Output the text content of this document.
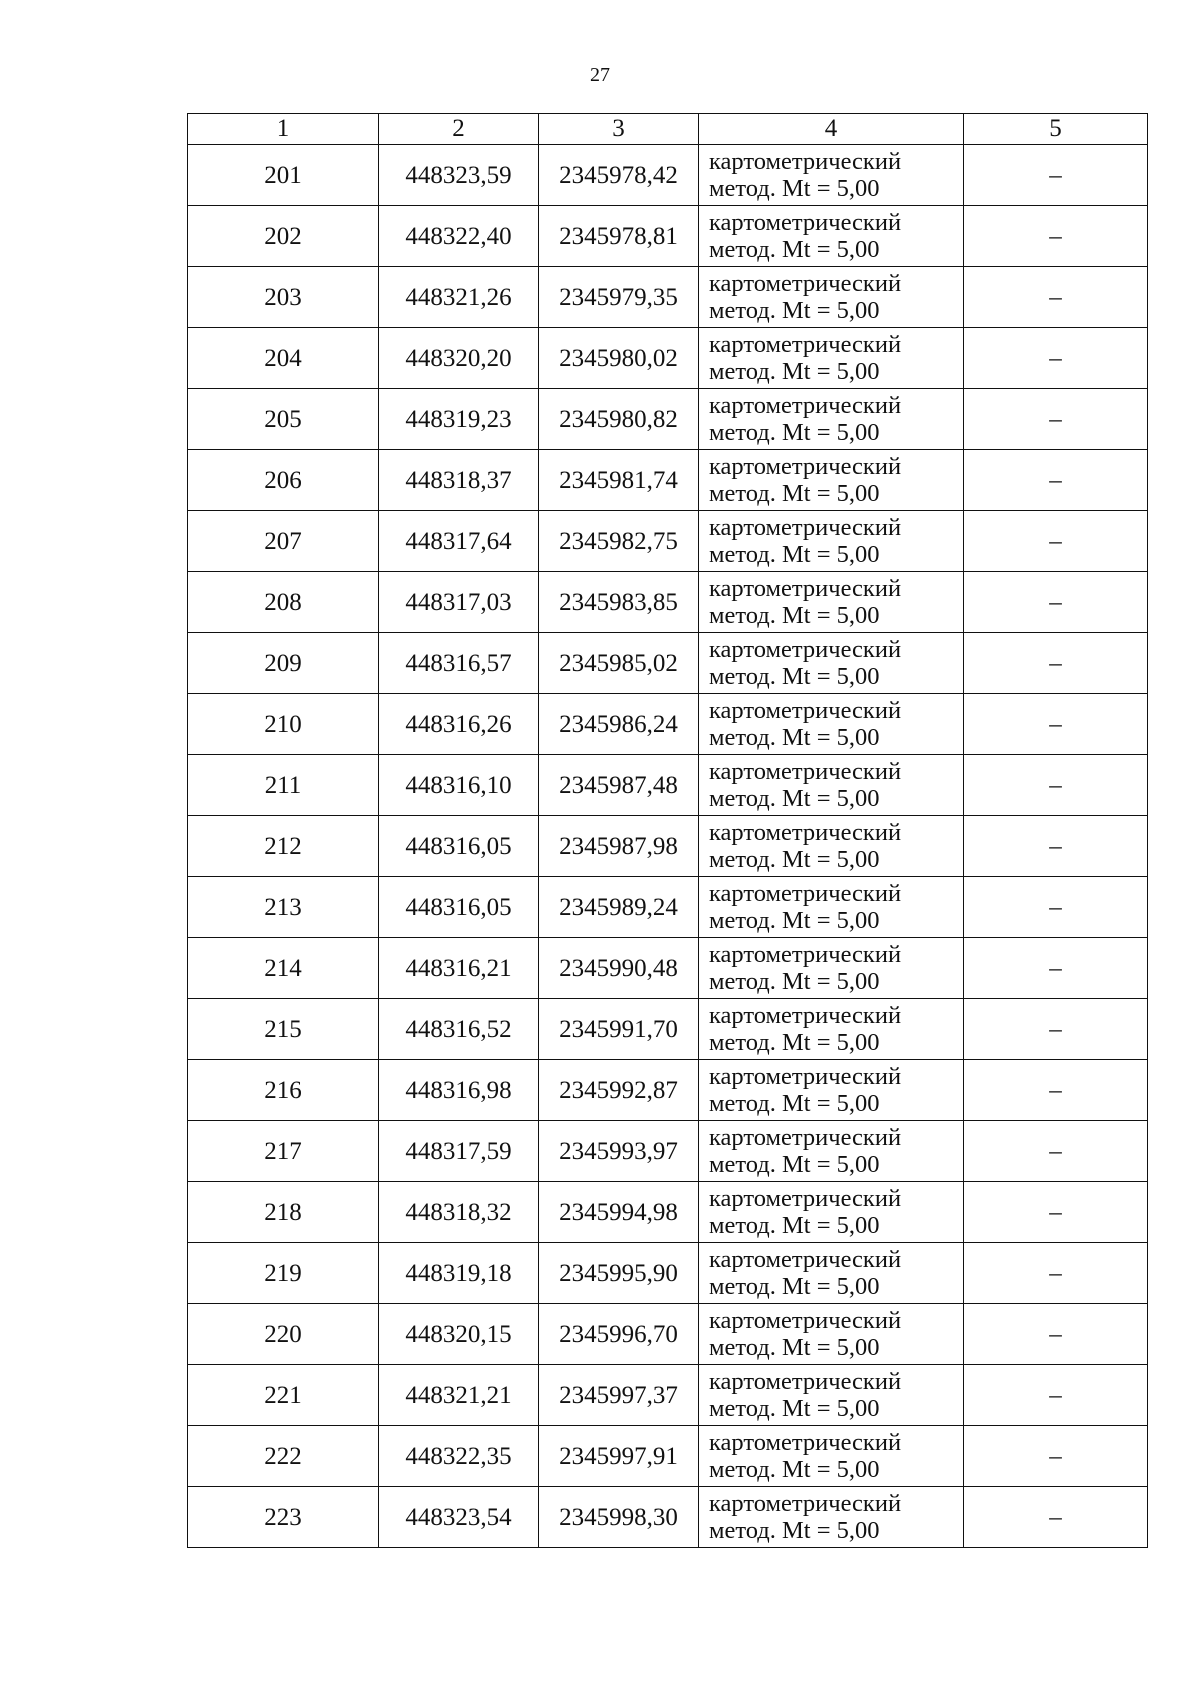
27
1	2	3	4	5
201	448323,59	2345978,42	картометрический
метод. Mt = 5,00	–
202	448322,40	2345978,81	картометрический
метод. Mt = 5,00	–
203	448321,26	2345979,35	картометрический
метод. Mt = 5,00	–
204	448320,20	2345980,02	картометрический
метод. Mt = 5,00	–
205	448319,23	2345980,82	картометрический
метод. Mt = 5,00	–
206	448318,37	2345981,74	картометрический
метод. Mt = 5,00	–
207	448317,64	2345982,75	картометрический
метод. Mt = 5,00	–
208	448317,03	2345983,85	картометрический
метод. Mt = 5,00	–
209	448316,57	2345985,02	картометрический
метод. Mt = 5,00	–
210	448316,26	2345986,24	картометрический
метод. Mt = 5,00	–
211	448316,10	2345987,48	картометрический
метод. Mt = 5,00	–
212	448316,05	2345987,98	картометрический
метод. Mt = 5,00	–
213	448316,05	2345989,24	картометрический
метод. Mt = 5,00	–
214	448316,21	2345990,48	картометрический
метод. Mt = 5,00	–
215	448316,52	2345991,70	картометрический
метод. Mt = 5,00	–
216	448316,98	2345992,87	картометрический
метод. Mt = 5,00	–
217	448317,59	2345993,97	картометрический
метод. Mt = 5,00	–
218	448318,32	2345994,98	картометрический
метод. Mt = 5,00	–
219	448319,18	2345995,90	картометрический
метод. Mt = 5,00	–
220	448320,15	2345996,70	картометрический
метод. Mt = 5,00	–
221	448321,21	2345997,37	картометрический
метод. Mt = 5,00	–
222	448322,35	2345997,91	картометрический
метод. Mt = 5,00	–
223	448323,54	2345998,30	картометрический
метод. Mt = 5,00	–
